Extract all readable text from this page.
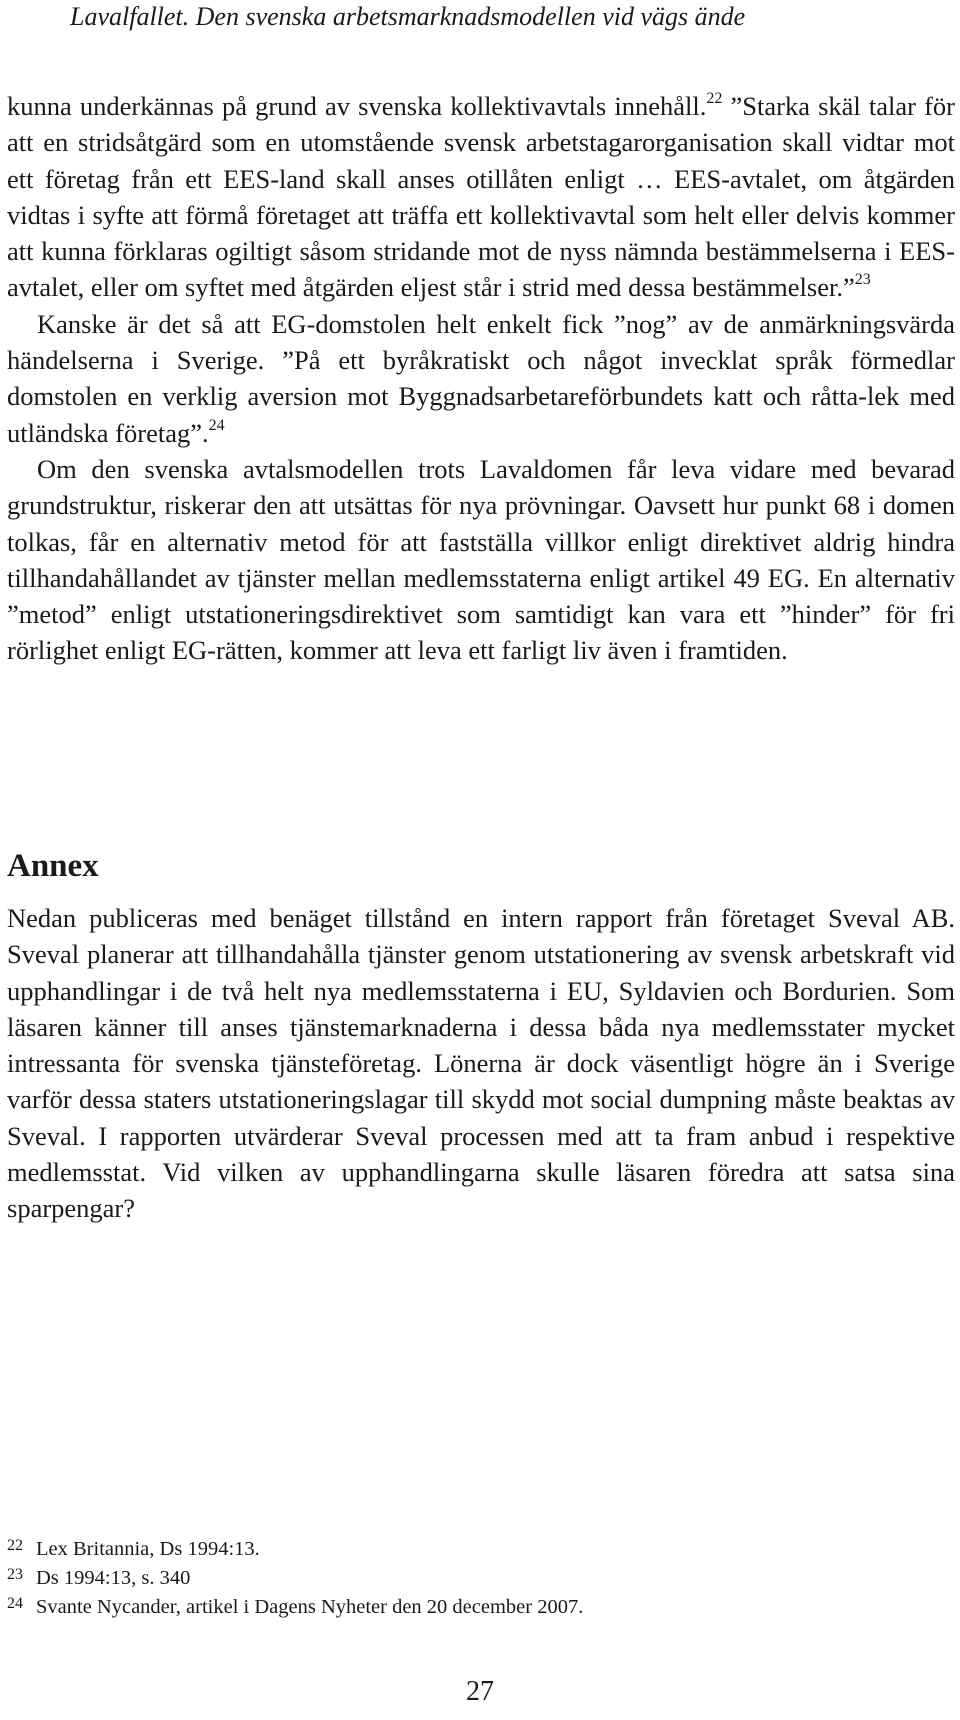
Lavalfallet. Den svenska arbetsmarknadsmodellen vid vägs ände

kunna underkännas på grund av svenska kollektivavtals innehåll.$^{22}$ ”Starka skäl talar för att en stridsåtgärd som en utomstående svensk arbetstagarorganisation skall vidtar mot ett företag från ett EES-land skall anses otillåten enligt … EES-avtalet, om åtgärden vidtas i syfte att förmå företaget att träffa ett kollektivavtal som helt eller delvis kommer att kunna förklaras ogiltigt såsom stridande mot de nyss nämnda bestämmelserna i EES-avtalet, eller om syftet med åtgärden eljest står i strid med dessa bestämmelser.”$^{23}$

Kanske är det så att EG-domstolen helt enkelt fick ”nog” av de anmärkningsvärda händelserna i Sverige. ”På ett byråkratiskt och något invecklat språk förmedlar domstolen en verklig aversion mot Byggnadsarbetareförbundets katt och råtta-lek med utländska företag”.$^{24}$

Om den svenska avtalsmodellen trots Lavaldomen får leva vidare med bevarad grundstruktur, riskerar den att utsättas för nya prövningar. Oavsett hur punkt 68 i domen tolkas, får en alternativ metod för att fastställa villkor enligt direktivet aldrig hindra tillhandahållandet av tjänster mellan medlemsstaterna enligt artikel 49 EG. En alternativ ”metod” enligt utstationeringsdirektivet som samtidigt kan vara ett ”hinder” för fri rörlighet enligt EG-rätten, kommer att leva ett farligt liv även i framtiden.

Annex

Nedan publiceras med benäget tillstånd en intern rapport från företaget Sveval AB. Sveval planerar att tillhandahålla tjänster genom utstationering av svensk arbetskraft vid upphandlingar i de två helt nya medlemsstaterna i EU, Syldavien och Bordurien. Som läsaren känner till anses tjänstemarknaderna i dessa båda nya medlemsstater mycket intressanta för svenska tjänsteföretag. Lönerna är dock väsentligt högre än i Sverige varför dessa staters utstationeringslagar till skydd mot social dumpning måste beaktas av Sveval. I rapporten utvärderar Sveval processen med att ta fram anbud i respektive medlemsstat. Vid vilken av upphandlingarna skulle läsaren föredra att satsa sina sparpengar?

22 Lex Britannia, Ds 1994:13.
23 Ds 1994:13, s. 340
24 Svante Nycander, artikel i Dagens Nyheter den 20 december 2007.
27
